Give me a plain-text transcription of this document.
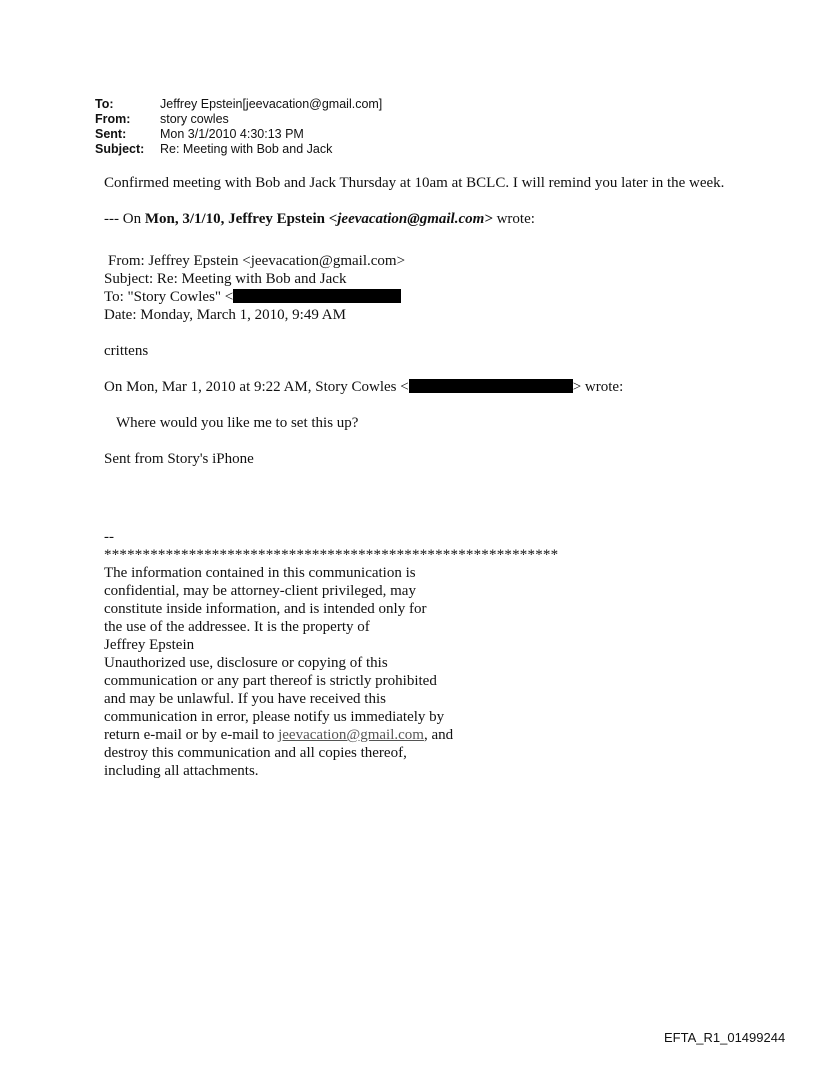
To:	Jeffrey Epstein[jeevacation@gmail.com]
From:	story cowles
Sent:	Mon 3/1/2010 4:30:13 PM
Subject:	Re: Meeting with Bob and Jack

Confirmed meeting with Bob and Jack Thursday at 10am at BCLC. I will remind you later in the week.

--- On Mon, 3/1/10, Jeffrey Epstein <jeevacation@gmail.com> wrote:

From: Jeffrey Epstein <jeevacation@gmail.com>

Subject: Re: Meeting with Bob and Jack

To: "Story Cowles" <

Date: Monday, March 1, 2010, 9:49 AM

crittens

On Mon, Mar 1, 2010 at 9:22 AM, Story Cowles <	> wrote:

Where would you like me to set this up?

Sent from Story's iPhone

--

***********************************************************

The information contained in this communication is

confidential, may be attorney-client privileged, may

constitute inside information, and is intended only for

the use of the addressee. It is the property of

Jeffrey Epstein

Unauthorized use, disclosure or copying of this

communication or any part thereof is strictly prohibited

and may be unlawful. If you have received this

communication in error, please notify us immediately by

return e-mail or by e-mail to jeevacation@gmail.com, and

destroy this communication and all copies thereof,

including all attachments.

EFTA_R1_01499244
